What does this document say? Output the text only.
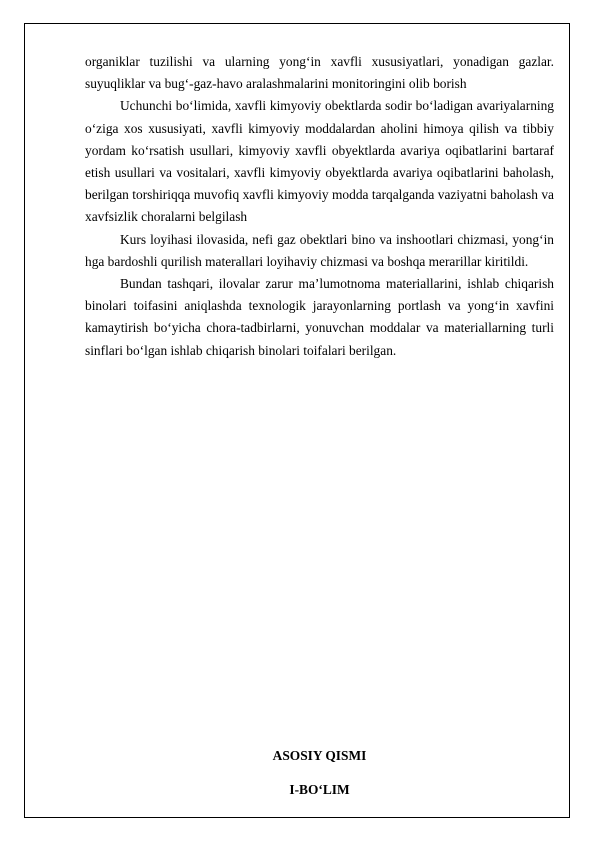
organiklar tuzilishi va ularning yong‘in xavfli xususiyatlari, yonadigan gazlar. suyuqliklar va bug‘-gaz-havo aralashmalarini monitoringini olib borish

Uchunchi bo‘limida, xavfli kimyoviy obektlarda sodir bo‘ladigan avariyalarning o‘ziga xos xususiyati, xavfli kimyoviy moddalardan aholini himoya qilish va tibbiy yordam ko‘rsatish usullari, kimyoviy xavfli obyektlarda avariya oqibatlarini bartaraf etish usullari va vositalari, xavfli kimyoviy obyektlarda avariya oqibatlarini baholash, berilgan torshiriqqa muvofiq xavfli kimyoviy modda tarqalganda vaziyatni baholash va xavfsizlik choralarni belgilash

Kurs loyihasi ilovasida, nefi gaz obektlari bino va inshootlari chizmasi, yong‘in hga bardoshli qurilish materallari loyihaviy chizmasi va boshqa merarillar kiritildi.

Bundan tashqari, ilovalar zarur ma’lumotnoma materiallarini, ishlab chiqarish binolari toifasini aniqlashda texnologik jarayonlarning portlash va yong‘in xavfini kamaytirish bo‘yicha chora-tadbirlarni, yonuvchan moddalar va materiallarning turli sinflari bo‘lgan ishlab chiqarish binolari toifalari berilgan.

ASOSIY QISMI
I-BO‘LIM
